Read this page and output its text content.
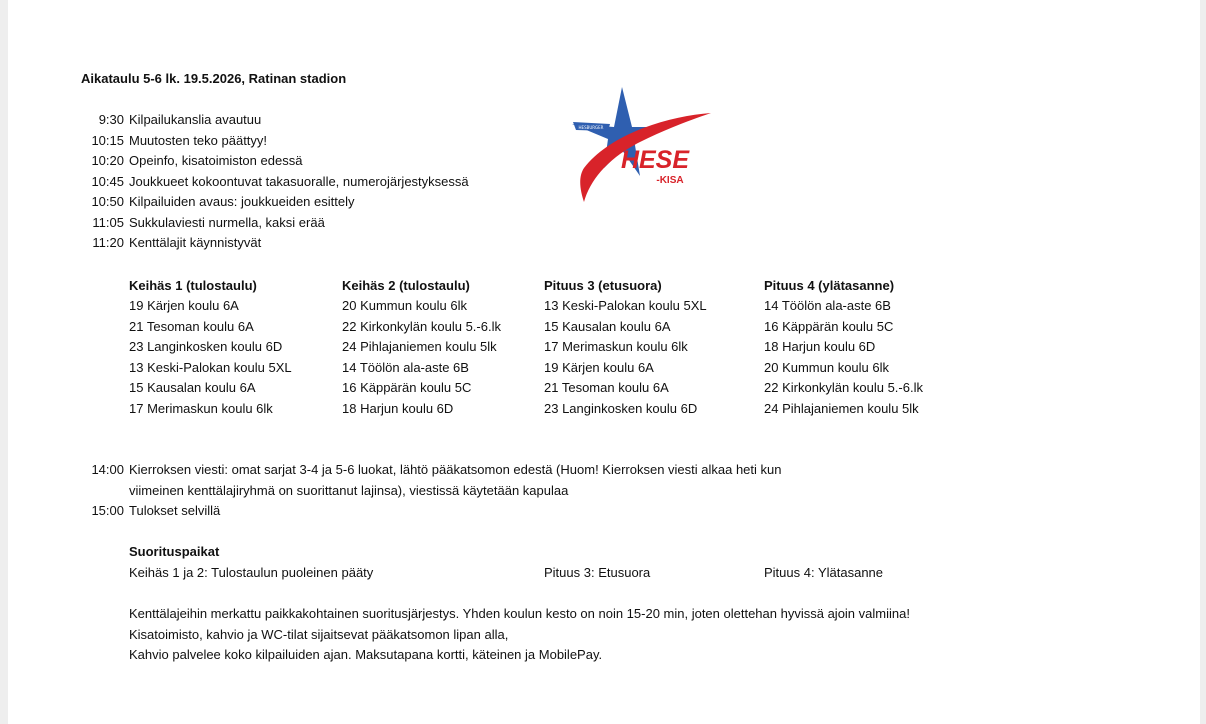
Aikataulu 5-6 lk. 19.5.2026, Ratinan stadion
9:30 Kilpailukanslia avautuu
10:15 Muutosten teko päättyy!
10:20 Opeinfo, kisatoimiston edessä
10:45 Joukkueet kokoontuvat takasuoralle, numerojärjestyksessä
10:50 Kilpailuiden avaus: joukkueiden esittely
11:05 Sukkulaviesti nurmella, kaksi erää
11:20 Kenttälajit käynnistyvät
HESBURGER
HESE
-KISA
Keihäs 1 (tulostaulu)
19 Kärjen koulu 6A
21 Tesoman koulu 6A
23 Langinkosken koulu 6D
13 Keski-Palokan koulu 5XL
15 Kausalan koulu 6A
17 Merimaskun koulu 6lk
Keihäs 2 (tulostaulu)
20 Kummun koulu 6lk
22 Kirkonkylän koulu 5.-6.lk
24 Pihlajaniemen koulu 5lk
14 Töölön ala-aste 6B
16 Käppärän koulu 5C
18 Harjun koulu 6D
Pituus 3 (etusuora)
13 Keski-Palokan koulu 5XL
15 Kausalan koulu 6A
17 Merimaskun koulu 6lk
19 Kärjen koulu 6A
21 Tesoman koulu 6A
23 Langinkosken koulu 6D
Pituus 4 (ylätasanne)
14 Töölön ala-aste 6B
16 Käppärän koulu 5C
18 Harjun koulu 6D
20 Kummun koulu 6lk
22 Kirkonkylän koulu 5.-6.lk
24 Pihlajaniemen koulu 5lk
14:00 Kierroksen viesti: omat sarjat 3-4 ja 5-6 luokat, lähtö pääkatsomon edestä (Huom! Kierroksen viesti alkaa heti kun
viimeinen kenttälajiryhmä on suorittanut lajinsa), viestissä käytetään kapulaa
15:00 Tulokset selvillä
Suorituspaikat
Keihäs 1 ja 2: Tulostaulun puoleinen pääty	Pituus 3: Etusuora	Pituus 4: Ylätasanne
Kenttälajeihin merkattu paikkakohtainen suoritusjärjestys. Yhden koulun kesto on noin 15-20 min, joten olettehan hyvissä ajoin valmiina!
Kisatoimisto, kahvio ja WC-tilat sijaitsevat pääkatsomon lipan alla,
Kahvio palvelee koko kilpailuiden ajan. Maksutapana kortti, käteinen ja MobilePay.
